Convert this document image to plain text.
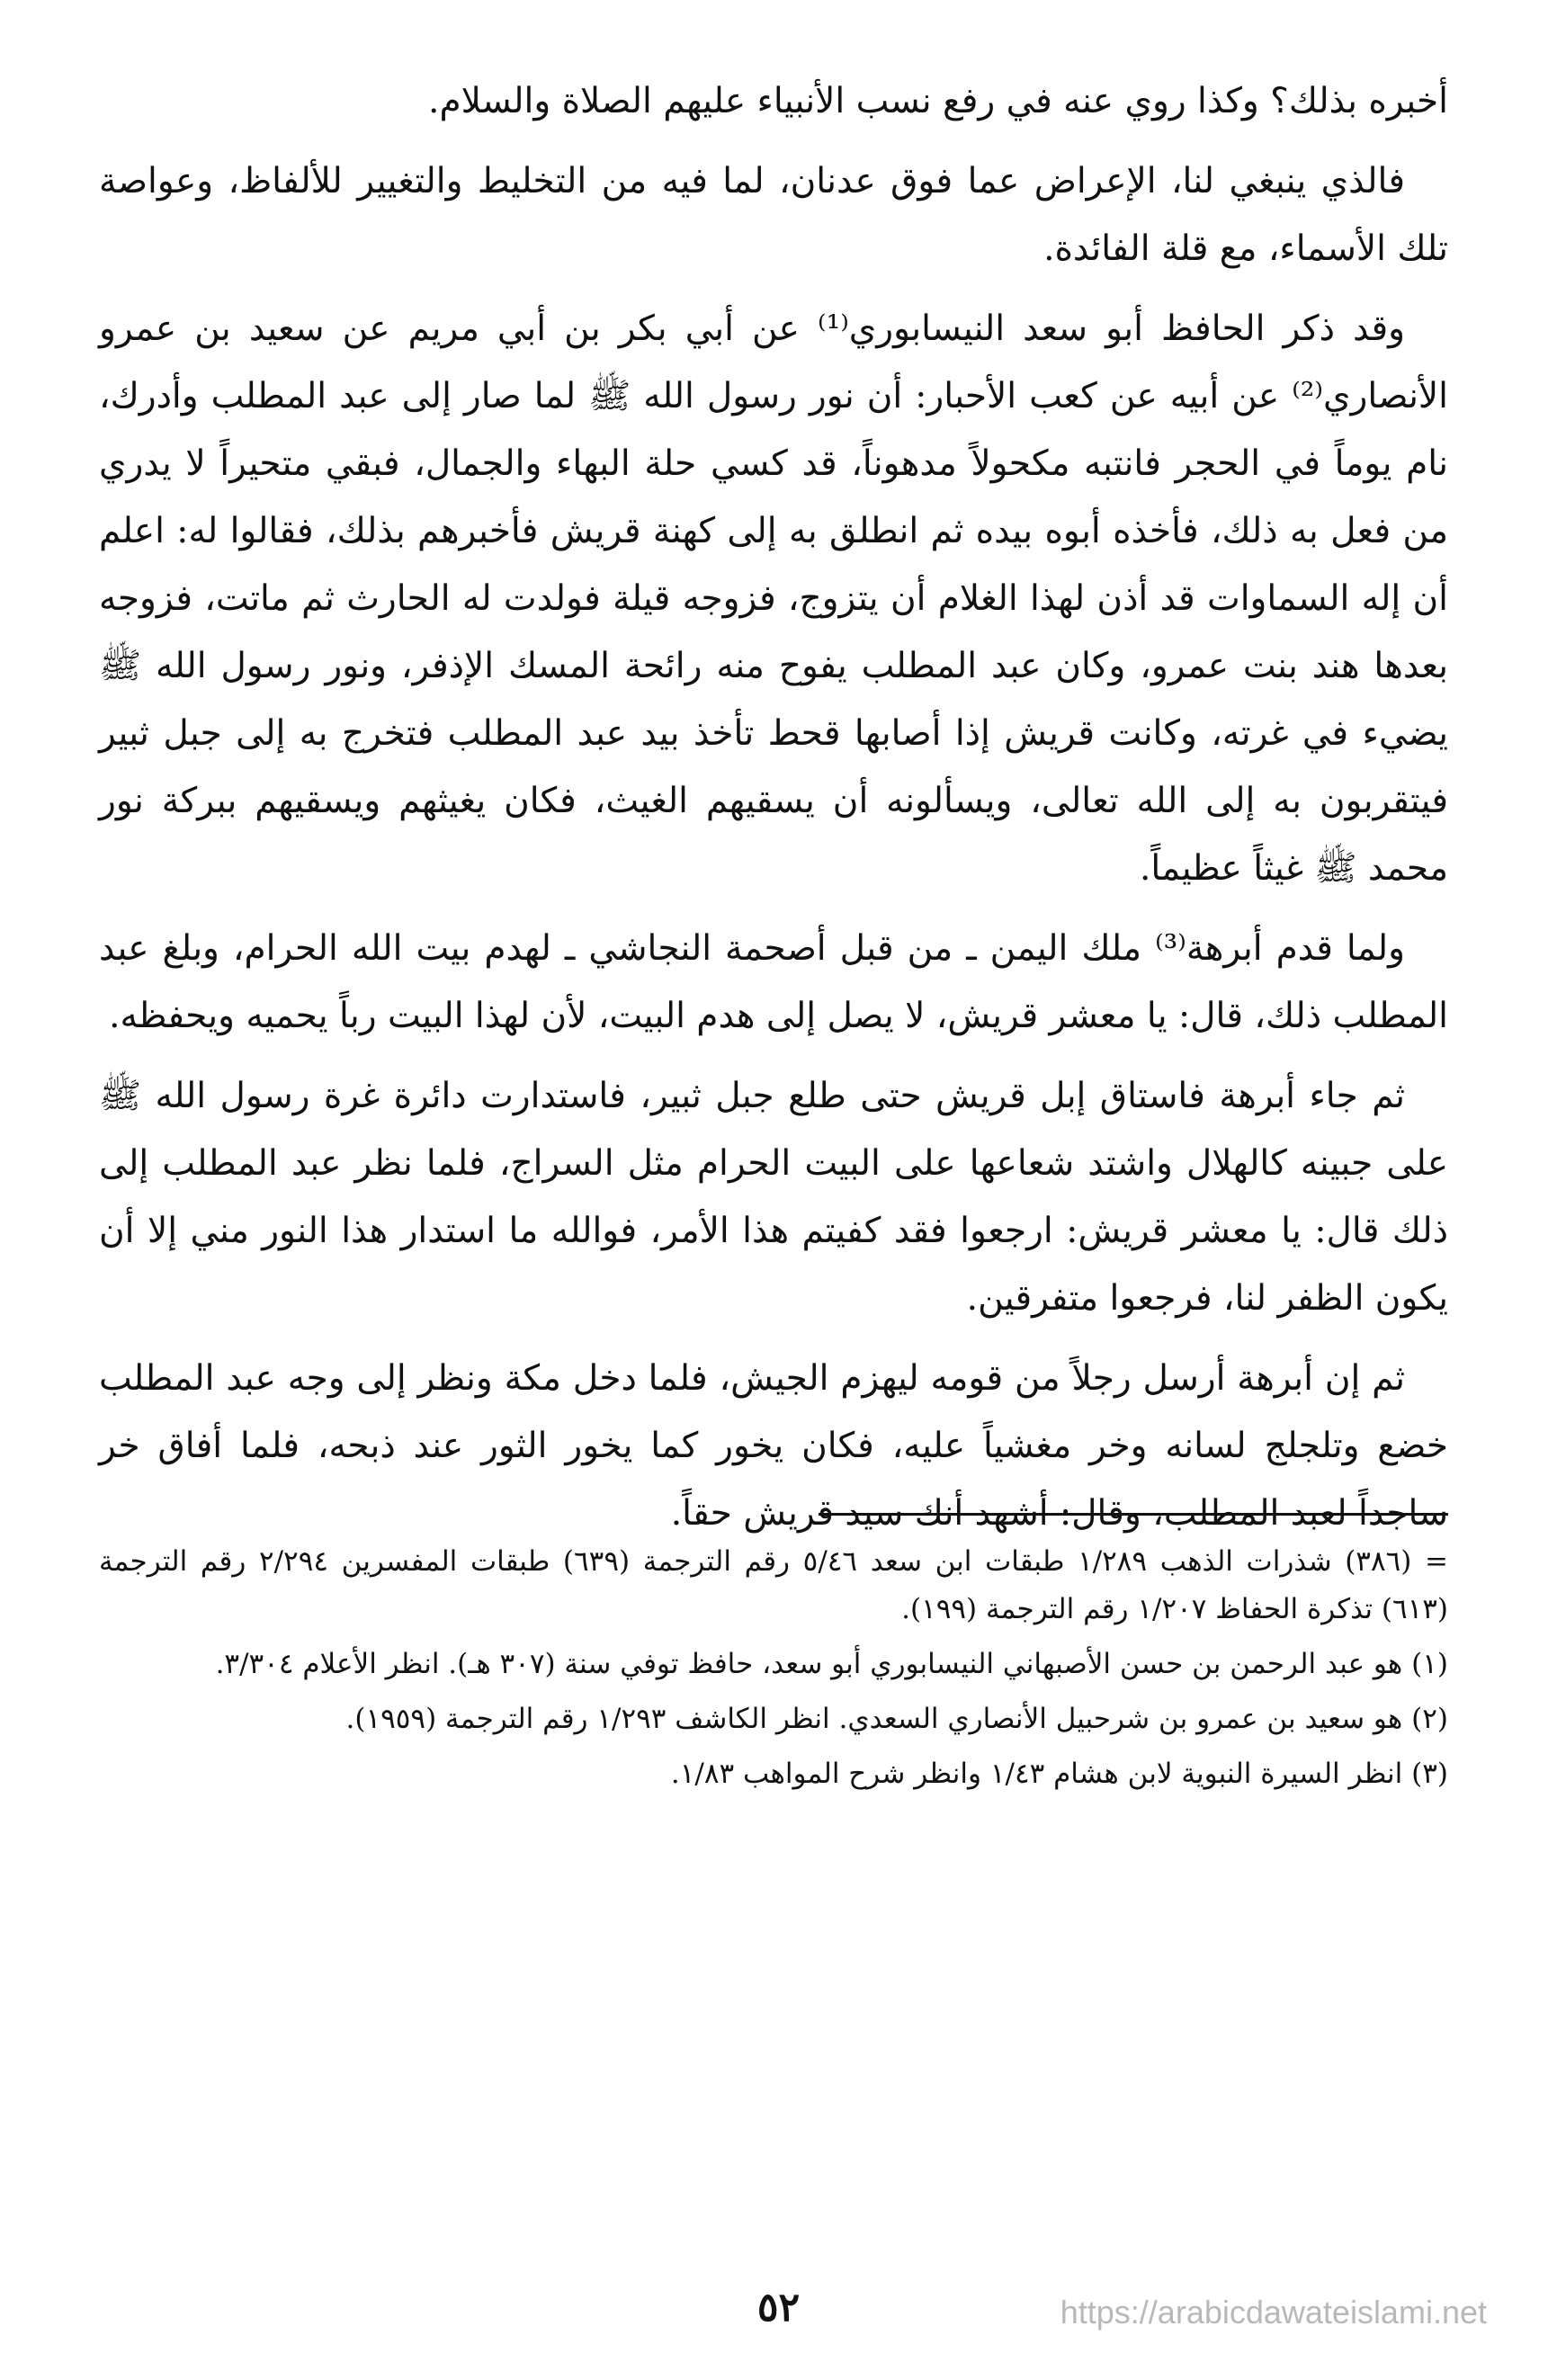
أخبره بذلك؟ وكذا روي عنه في رفع نسب الأنبياء عليهم الصلاة والسلام.

فالذي ينبغي لنا، الإعراض عما فوق عدنان، لما فيه من التخليط والتغيير للألفاظ، وعواصة تلك الأسماء، مع قلة الفائدة.

وقد ذكر الحافظ أبو سعد النيسابوري⁽¹⁾ عن أبي بكر بن أبي مريم عن سعيد بن عمرو الأنصاري⁽²⁾ عن أبيه عن كعب الأحبار: أن نور رسول الله ﷺ لما صار إلى عبد المطلب وأدرك، نام يوماً في الحجر فانتبه مكحولاً مدهوناً، قد كسي حلة البهاء والجمال، فبقي متحيراً لا يدري من فعل به ذلك، فأخذه أبوه بيده ثم انطلق به إلى كهنة قريش فأخبرهم بذلك، فقالوا له: اعلم أن إله السماوات قد أذن لهذا الغلام أن يتزوج، فزوجه قيلة فولدت له الحارث ثم ماتت، فزوجه بعدها هند بنت عمرو، وكان عبد المطلب يفوح منه رائحة المسك الإذفر، ونور رسول الله ﷺ يضيء في غرته، وكانت قريش إذا أصابها قحط تأخذ بيد عبد المطلب فتخرج به إلى جبل ثبير فيتقربون به إلى الله تعالى، ويسألونه أن يسقيهم الغيث، فكان يغيثهم ويسقيهم ببركة نور محمد ﷺ غيثاً عظيماً.

ولما قدم أبرهة⁽³⁾ ملك اليمن ـ من قبل أصحمة النجاشي ـ لهدم بيت الله الحرام، وبلغ عبد المطلب ذلك، قال: يا معشر قريش، لا يصل إلى هدم البيت، لأن لهذا البيت رباً يحميه ويحفظه.

ثم جاء أبرهة فاستاق إبل قريش حتى طلع جبل ثبير، فاستدارت دائرة غرة رسول الله ﷺ على جبينه كالهلال واشتد شعاعها على البيت الحرام مثل السراج، فلما نظر عبد المطلب إلى ذلك قال: يا معشر قريش: ارجعوا فقد كفيتم هذا الأمر، فوالله ما استدار هذا النور مني إلا أن يكون الظفر لنا، فرجعوا متفرقين.

ثم إن أبرهة أرسل رجلاً من قومه ليهزم الجيش، فلما دخل مكة ونظر إلى وجه عبد المطلب خضع وتلجلج لسانه وخر مغشياً عليه، فكان يخور كما يخور الثور عند ذبحه، فلما أفاق خر ساجداً لعبد المطلب، وقال: أشهد أنك سيد قريش حقاً.

= (٣٨٦) شذرات الذهب ١/٢٨٩ طبقات ابن سعد ٥/٤٦ رقم الترجمة (٦٣٩) طبقات المفسرين ٢/٢٩٤ رقم الترجمة (٦١٣) تذكرة الحفاظ ١/٢٠٧ رقم الترجمة (١٩٩).

(١) هو عبد الرحمن بن حسن الأصبهاني النيسابوري أبو سعد، حافظ توفي سنة (٣٠٧ هـ). انظر الأعلام ٣/٣٠٤.

(٢) هو سعيد بن عمرو بن شرحبيل الأنصاري السعدي. انظر الكاشف ١/٢٩٣ رقم الترجمة (١٩٥٩).

(٣) انظر السيرة النبوية لابن هشام ١/٤٣ وانظر شرح المواهب ١/٨٣.

٥٢	https://arabicdawateislami.net
